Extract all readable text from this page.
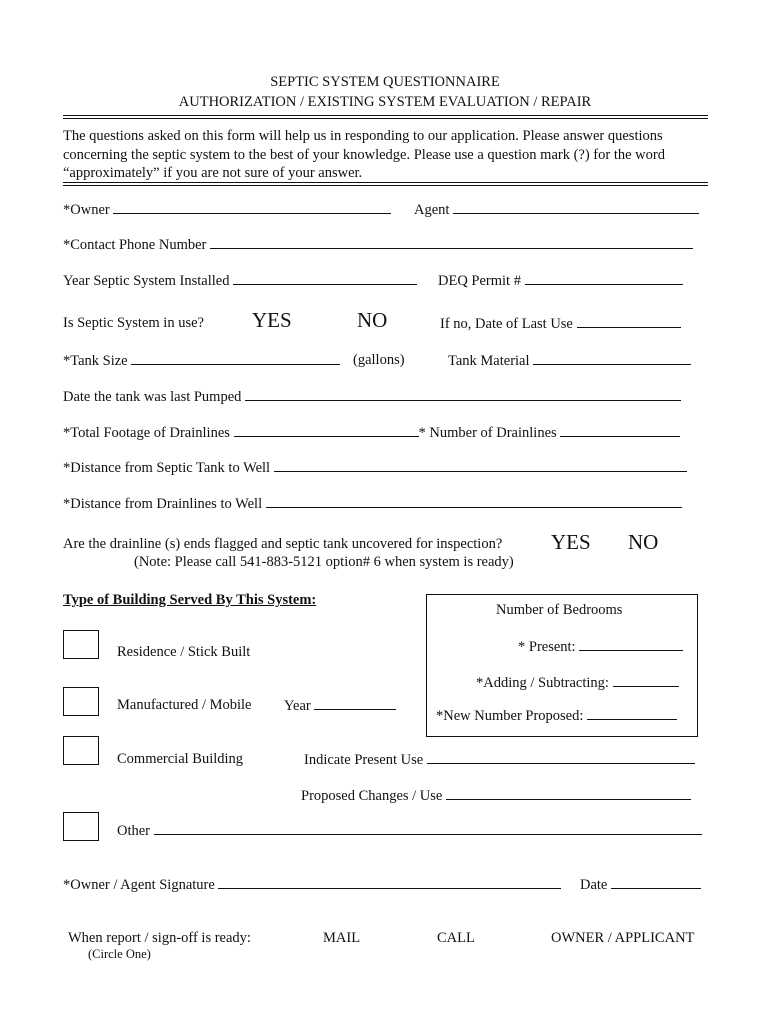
SEPTIC SYSTEM QUESTIONNAIRE
AUTHORIZATION / EXISTING SYSTEM EVALUATION / REPAIR
The questions asked on this form will help us in responding to our application. Please answer questions concerning the septic system to the best of your knowledge. Please use a question mark (?) for the word “approximately” if you are not sure of your answer.
*Owner	Agent
*Contact Phone Number
Year Septic System Installed	DEQ Permit #
Is Septic System in use? YES	NO	If no, Date of Last Use
*Tank Size	(gallons)	Tank Material
Date the tank was last Pumped
*Total Footage of Drainlines	* Number of Drainlines
*Distance from Septic Tank to Well
*Distance from Drainlines to Well
Are the drainline (s) ends flagged and septic tank uncovered for inspection? YES NO
(Note: Please call 541-883-5121 option# 6 when system is ready)
Type of Building Served By This System:
Number of Bedrooms
* Present:
*Adding / Subtracting:
*New Number Proposed:
Residence / Stick Built
Manufactured / Mobile Year
Commercial Building	Indicate Present Use
Proposed Changes / Use
Other
*Owner / Agent Signature	Date
When report / sign-off is ready:
(Circle One)
MAIL	CALL	OWNER / APPLICANT
